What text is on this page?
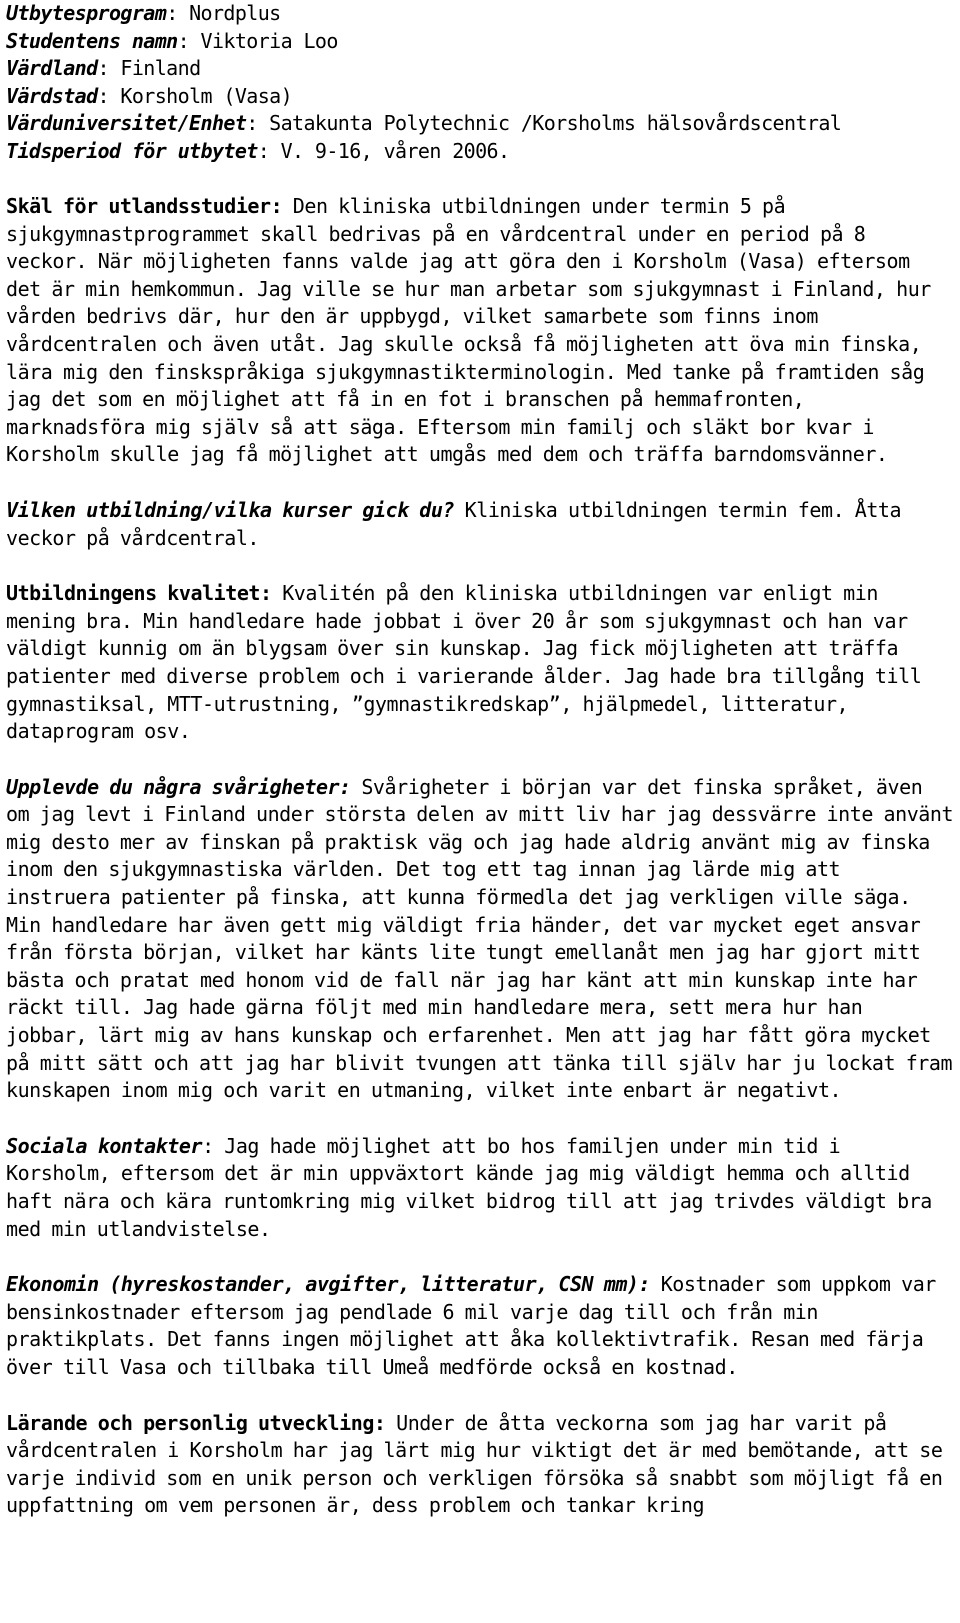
Utbytesprogram: Nordplus
Studentens namn: Viktoria Loo
Värdland: Finland
Värdstad: Korsholm (Vasa)
Värduniversitet/Enhet: Satakunta Polytechnic /Korsholms hälsovårdscentral
Tidsperiod för utbytet: V. 9-16, våren 2006.

Skäl för utlandsstudier: Den kliniska utbildningen under termin 5 på sjukgymnastprogrammet skall bedrivas på en vårdcentral under en period på 8 veckor. När möjligheten fanns valde jag att göra den i Korsholm (Vasa) eftersom det är min hemkommun. Jag ville se hur man arbetar som sjukgymnast i Finland, hur vården bedrivs där, hur den är uppbygd, vilket samarbete som finns inom vårdcentralen och även utåt. Jag skulle också få möjligheten att öva min finska, lära mig den finskspråkiga sjukgymnastikterminologin. Med tanke på framtiden såg jag det som en möjlighet att få in en fot i branschen på hemmafronten, marknadsföra mig själv så att säga. Eftersom min familj och släkt bor kvar i Korsholm skulle jag få möjlighet att umgås med dem och träffa barndomsvänner.

Vilken utbildning/vilka kurser gick du? Kliniska utbildningen termin fem. Åtta veckor på vårdcentral.

Utbildningens kvalitet: Kvalitén på den kliniska utbildningen var enligt min mening bra. Min handledare hade jobbat i över 20 år som sjukgymnast och han var väldigt kunnig om än blygsam över sin kunskap. Jag fick möjligheten att träffa patienter med diverse problem och i varierande ålder. Jag hade bra tillgång till gymnastiksal, MTT-utrustning, ”gymnastikredskap”, hjälpmedel, litteratur, dataprogram osv.

Upplevde du några svårigheter: Svårigheter i början var det finska språket, även om jag levt i Finland under största delen av mitt liv har jag dessvärre inte använt mig desto mer av finskan på praktisk väg och jag hade aldrig använt mig av finska inom den sjukgymnastiska världen. Det tog ett tag innan jag lärde mig att instruera patienter på finska, att kunna förmedla det jag verkligen ville säga. Min handledare har även gett mig väldigt fria händer, det var mycket eget ansvar från första början, vilket har känts lite tungt emellanåt men jag har gjort mitt bästa och pratat med honom vid de fall när jag har känt att min kunskap inte har räckt till. Jag hade gärna följt med min handledare mera, sett mera hur han jobbar, lärt mig av hans kunskap och erfarenhet. Men att jag har fått göra mycket på mitt sätt och att jag har blivit tvungen att tänka till själv har ju lockat fram kunskapen inom mig och varit en utmaning, vilket inte enbart är negativt.

Sociala kontakter: Jag hade möjlighet att bo hos familjen under min tid i Korsholm, eftersom det är min uppväxtort kände jag mig väldigt hemma och alltid haft nära och kära runtomkring mig vilket bidrog till att jag trivdes väldigt bra med min utlandvistelse.

Ekonomin (hyreskostander, avgifter, litteratur, CSN mm): Kostnader som uppkom var bensinkostnader eftersom jag pendlade 6 mil varje dag till och från min praktikplats. Det fanns ingen möjlighet att åka kollektivtrafik. Resan med färja över till Vasa och tillbaka till Umeå medförde också en kostnad.

Lärande och personlig utveckling: Under de åtta veckorna som jag har varit på vårdcentralen i Korsholm har jag lärt mig hur viktigt det är med bemötande, att se varje individ som en unik person och verkligen försöka så snabbt som möjligt få en uppfattning om vem personen är, dess problem och tankar kring
